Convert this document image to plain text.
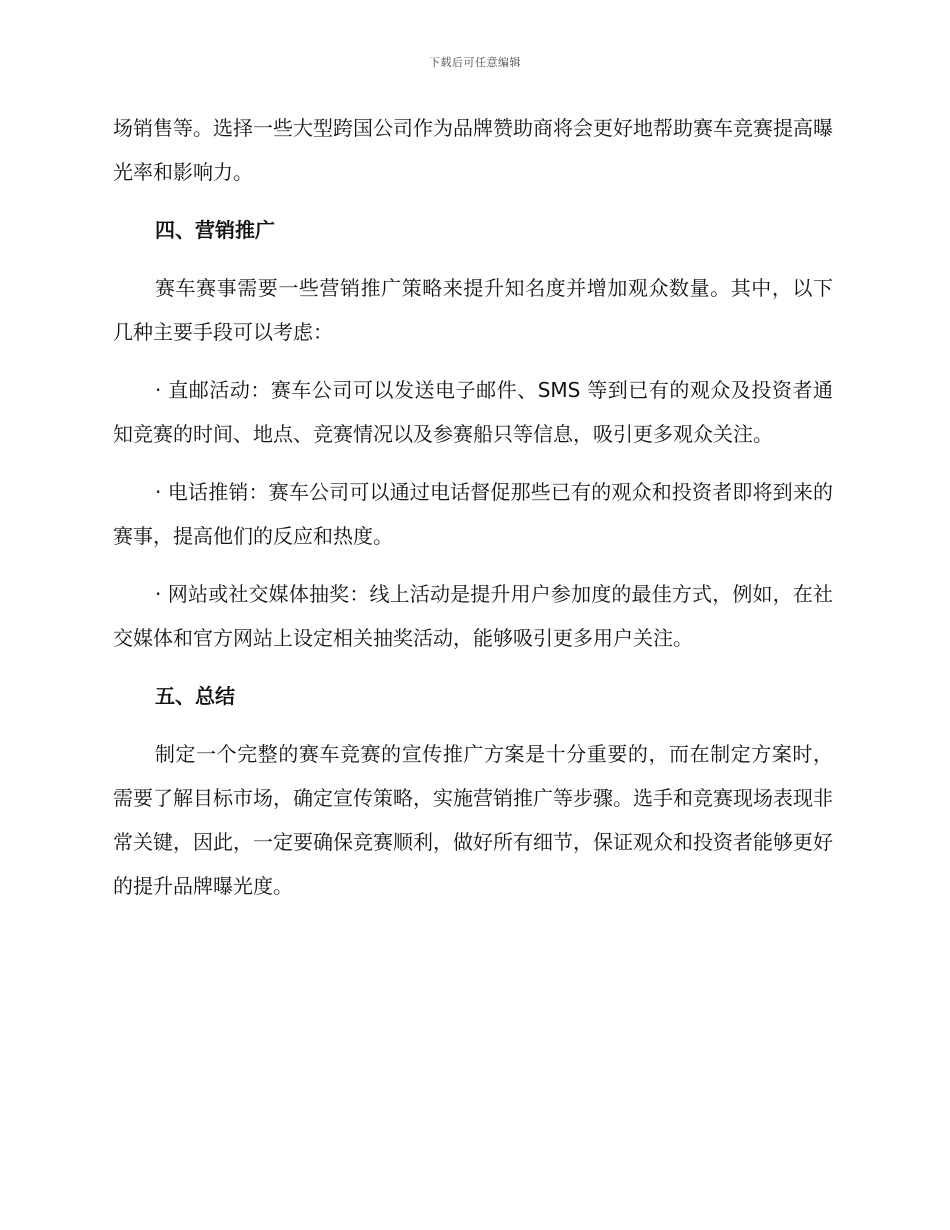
下载后可任意编辑

场销售等。选择一些大型跨国公司作为品牌赞助商将会更好地帮助赛车竞赛提高曝光率和影响力。

四、营销推广

赛车赛事需要一些营销推广策略来提升知名度并增加观众数量。其中，以下几种主要手段可以考虑：

· 直邮活动：赛车公司可以发送电子邮件、SMS 等到已有的观众及投资者通知竞赛的时间、地点、竞赛情况以及参赛船只等信息，吸引更多观众关注。

· 电话推销：赛车公司可以通过电话督促那些已有的观众和投资者即将到来的赛事，提高他们的反应和热度。

· 网站或社交媒体抽奖：线上活动是提升用户参加度的最佳方式，例如，在社交媒体和官方网站上设定相关抽奖活动，能够吸引更多用户关注。

五、总结

制定一个完整的赛车竞赛的宣传推广方案是十分重要的，而在制定方案时，需要了解目标市场，确定宣传策略，实施营销推广等步骤。选手和竞赛现场表现非常关键，因此，一定要确保竞赛顺利，做好所有细节，保证观众和投资者能够更好的提升品牌曝光度。
